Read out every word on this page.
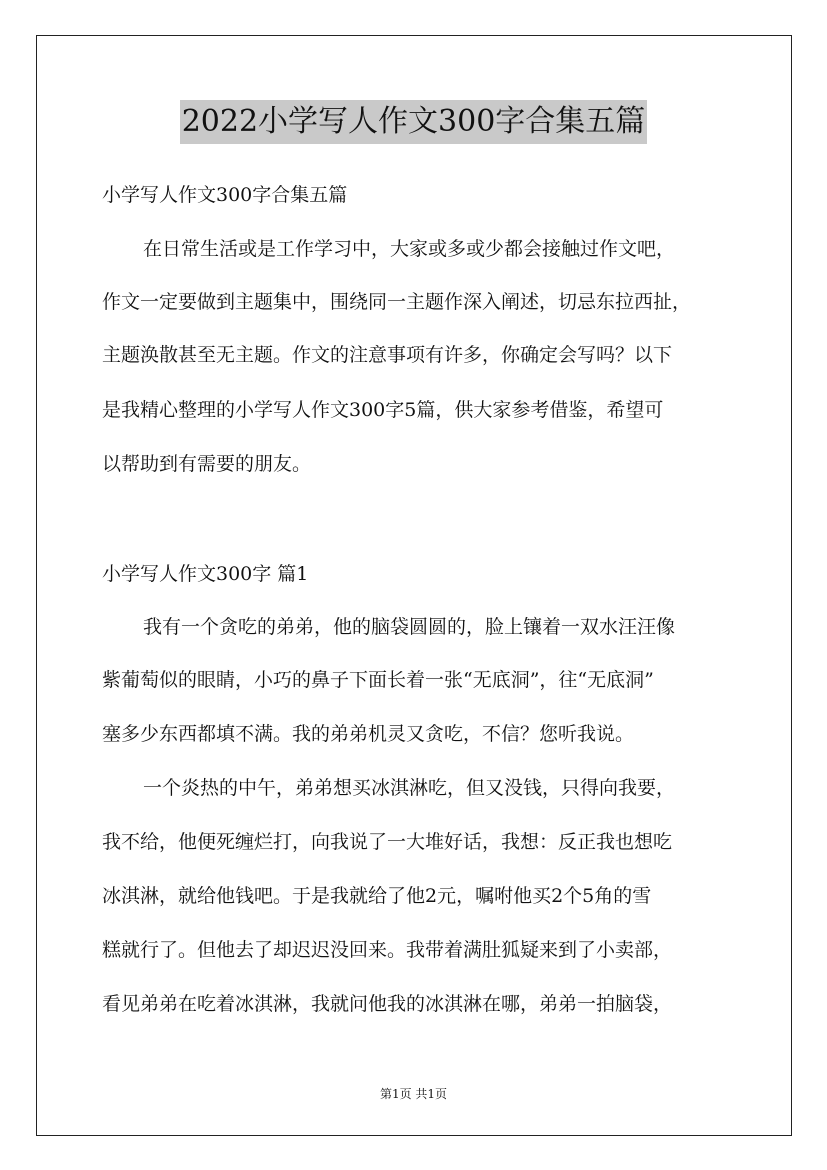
2022小学写人作文300字合集五篇

小学写人作文300字合集五篇

在日常生活或是工作学习中，大家或多或少都会接触过作文吧，

作文一定要做到主题集中，围绕同一主题作深入阐述，切忌东拉西扯，

主题涣散甚至无主题。作文的注意事项有许多，你确定会写吗？以下

是我精心整理的小学写人作文300字5篇，供大家参考借鉴，希望可

以帮助到有需要的朋友。

小学写人作文300字 篇1

我有一个贪吃的弟弟，他的脑袋圆圆的，脸上镶着一双水汪汪像

紫葡萄似的眼睛，小巧的鼻子下面长着一张“无底洞”，往“无底洞”

塞多少东西都填不满。我的弟弟机灵又贪吃，不信？您听我说。

一个炎热的中午，弟弟想买冰淇淋吃，但又没钱，只得向我要，

我不给，他便死缠烂打，向我说了一大堆好话，我想：反正我也想吃

冰淇淋，就给他钱吧。于是我就给了他2元，嘱咐他买2个5角的雪

糕就行了。但他去了却迟迟没回来。我带着满肚狐疑来到了小卖部，

看见弟弟在吃着冰淇淋，我就问他我的冰淇淋在哪，弟弟一拍脑袋，

第1页 共1页
